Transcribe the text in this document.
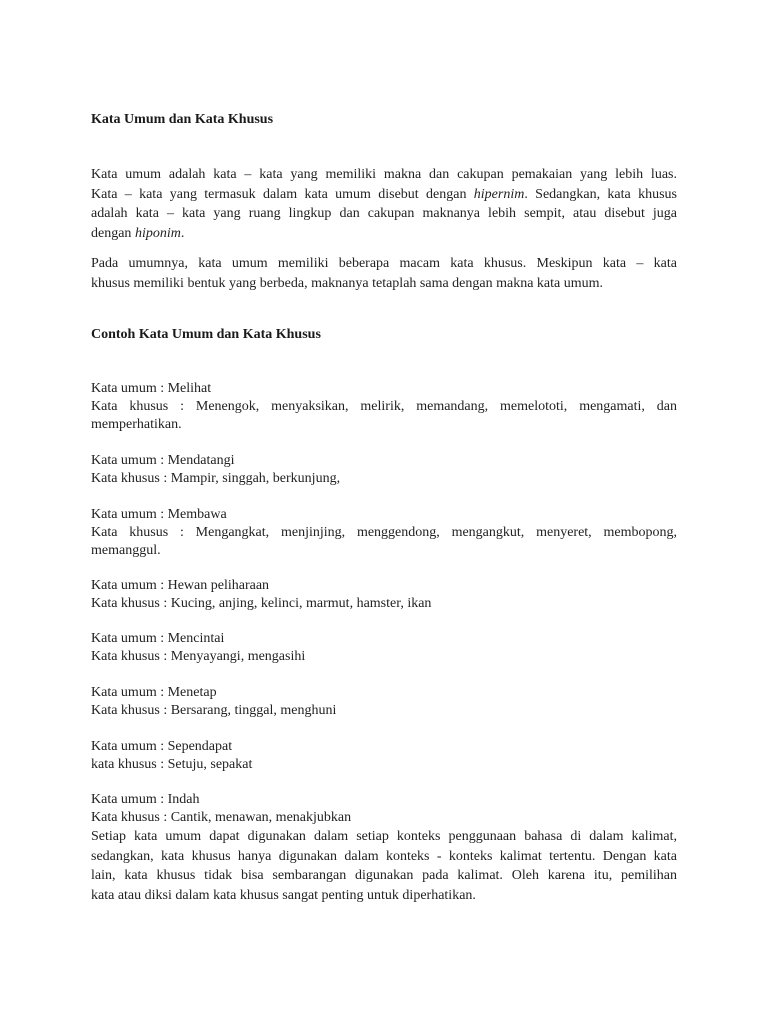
Kata Umum dan Kata Khusus
Kata umum adalah kata – kata yang memiliki makna dan cakupan pemakaian yang lebih luas.
Kata – kata yang termasuk dalam kata umum disebut dengan hipernim. Sedangkan, kata khusus
adalah kata – kata yang ruang lingkup dan cakupan maknanya lebih sempit, atau disebut juga
dengan hiponim.
Pada umumnya, kata umum memiliki beberapa macam kata khusus. Meskipun kata – kata
khusus memiliki bentuk yang berbeda, maknanya tetaplah sama dengan makna kata umum.
Contoh Kata Umum dan Kata Khusus
Kata umum : Melihat
Kata khusus : Menengok, menyaksikan, melirik, memandang, memelototi, mengamati, dan
memperhatikan.
Kata umum : Mendatangi
Kata khusus : Mampir, singgah, berkunjung,
Kata umum : Membawa
Kata khusus : Mengangkat, menjinjing, menggendong, mengangkut, menyeret, membopong,
memanggul.
Kata umum : Hewan peliharaan
Kata khusus : Kucing, anjing, kelinci, marmut, hamster, ikan
Kata umum : Mencintai
Kata khusus : Menyayangi, mengasihi
Kata umum : Menetap
Kata khusus : Bersarang, tinggal, menghuni
Kata umum : Sependapat
kata khusus : Setuju, sepakat
Kata umum : Indah
Kata khusus : Cantik, menawan, menakjubkan
Setiap kata umum dapat digunakan dalam setiap konteks penggunaan bahasa di dalam kalimat,
sedangkan, kata khusus hanya digunakan dalam konteks - konteks kalimat tertentu. Dengan kata
lain, kata khusus tidak bisa sembarangan digunakan pada kalimat. Oleh karena itu, pemilihan
kata atau diksi dalam kata khusus sangat penting untuk diperhatikan.
